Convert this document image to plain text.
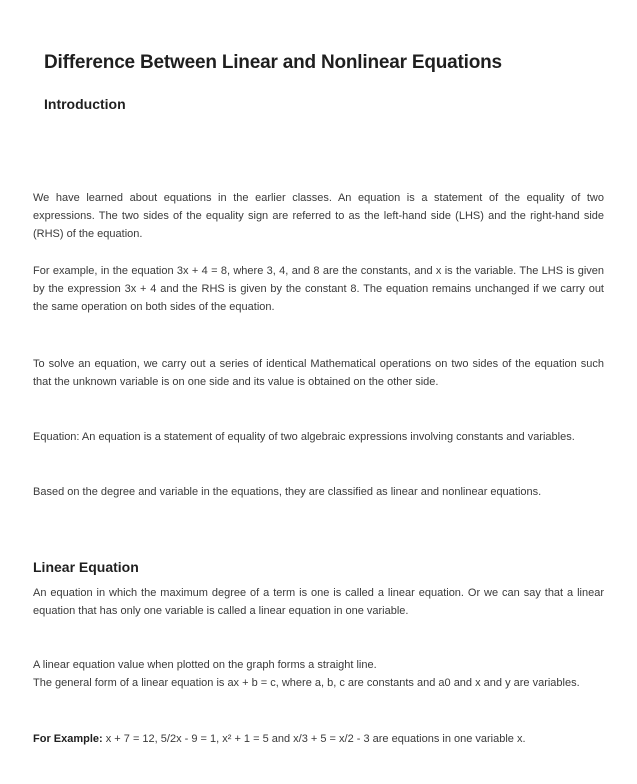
Difference Between Linear and Nonlinear Equations
Introduction

We have learned about equations in the earlier classes. An equation is a statement of the equality of two expressions. The two sides of the equality sign are referred to as the left-hand side (LHS) and the right-hand side (RHS) of the equation.

For example, in the equation 3x + 4 = 8, where 3, 4, and 8 are the constants, and x is the variable. The LHS is given by the expression 3x + 4 and the RHS is given by the constant 8. The equation remains unchanged if we carry out the same operation on both sides of the equation.

To solve an equation, we carry out a series of identical Mathematical operations on two sides of the equation such that the unknown variable is on one side and its value is obtained on the other side.

Equation: An equation is a statement of equality of two algebraic expressions involving constants and variables.

Based on the degree and variable in the equations, they are classified as linear and nonlinear equations.

Linear Equation

An equation in which the maximum degree of a term is one is called a linear equation. Or we can say that a linear equation that has only one variable is called a linear equation in one variable.

A linear equation value when plotted on the graph forms a straight line.
The general form of a linear equation is ax + b = c, where a, b, c are constants and a0 and x and y are variables.

For Example: x + 7 = 12, 5/2x - 9 = 1, x² + 1 = 5 and x/3 + 5 = x/2 - 3 are equations in one variable x.
